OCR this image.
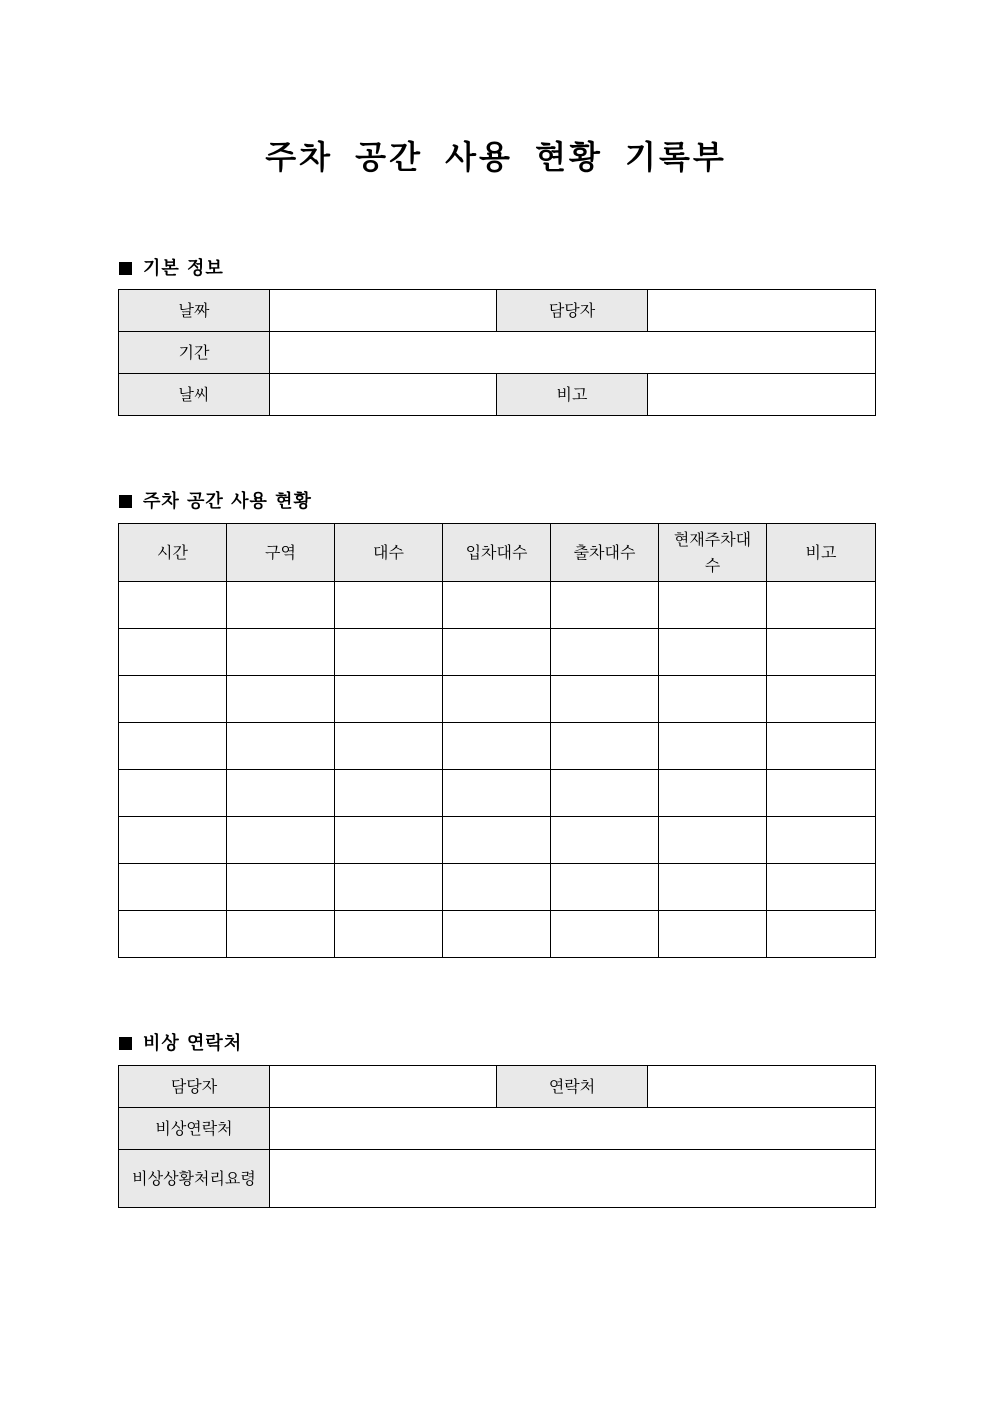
주차 공간 사용 현황 기록부
기본 정보
날짜		담당자	
기간			
날씨		비고	
주차 공간 사용 현황
시간	구역	대수	입차대수	출차대수	현재주차대수	비고

비상 연락처
담당자		연락처	
비상연락처			
비상상황처리요령			
